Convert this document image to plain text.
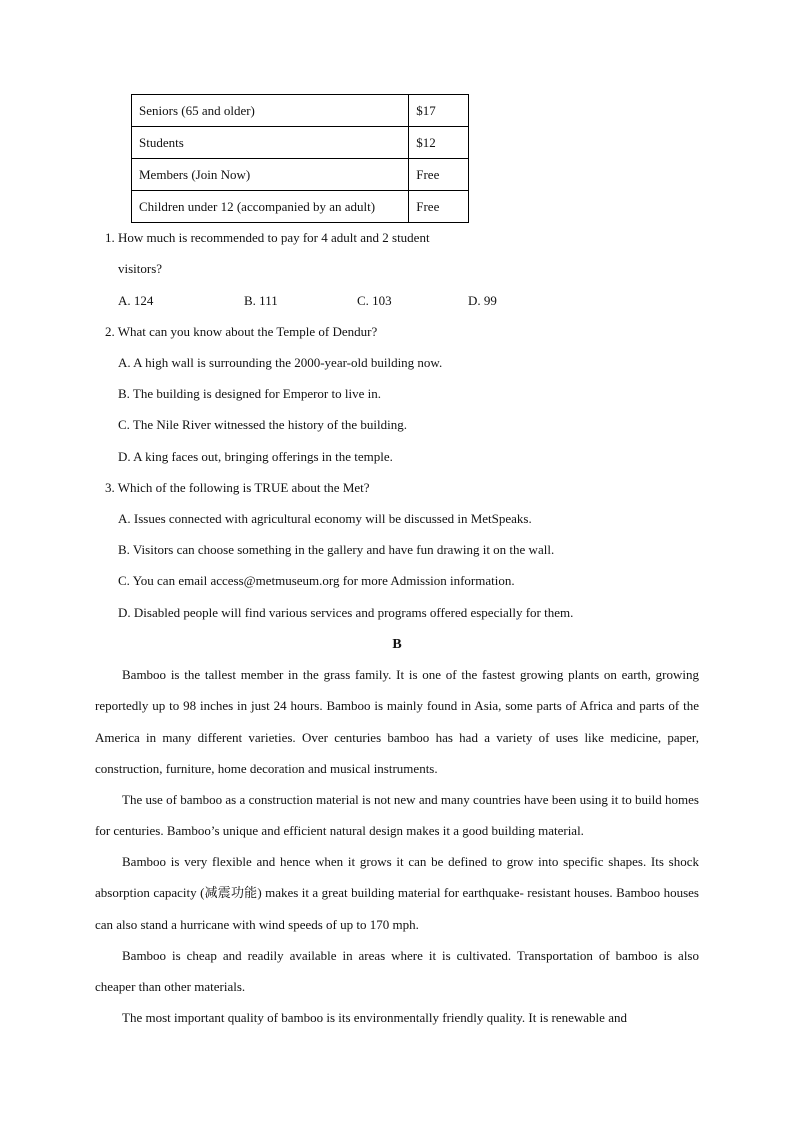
Seniors (65 and older)	$17
Students	$12
Members (Join Now)	Free
Children under 12 (accompanied by an adult)	Free
1. How much is recommended to pay for 4 adult and 2 student
visitors?
A. 124	B. 111	C. 103	D. 99
2. What can you know about the Temple of Dendur?
A. A high wall is surrounding the 2000-year-old building now.
B. The building is designed for Emperor to live in.
C. The Nile River witnessed the history of the building.
D. A king faces out, bringing offerings in the temple.
3. Which of the following is TRUE about the Met?
A. Issues connected with agricultural economy will be discussed in MetSpeaks.
B. Visitors can choose something in the gallery and have fun drawing it on the wall.
C. You can email access@metmuseum.org for more Admission information.
D. Disabled people will find various services and programs offered especially for them.
B

Bamboo is the tallest member in the grass family. It is one of the fastest growing plants on earth, growing reportedly up to 98 inches in just 24 hours. Bamboo is mainly found in Asia, some parts of Africa and parts of the America in many different varieties. Over centuries bamboo has had a variety of uses like medicine, paper, construction, furniture, home decoration and musical instruments.

The use of bamboo as a construction material is not new and many countries have been using it to build homes for centuries. Bamboo’s unique and efficient natural design makes it a good building material.

Bamboo is very flexible and hence when it grows it can be defined to grow into specific shapes. Its shock absorption capacity (减震功能) makes it a great building material for earthquake- resistant houses. Bamboo houses can also stand a hurricane with wind speeds of up to 170 mph.

Bamboo is cheap and readily available in areas where it is cultivated. Transportation of bamboo is also cheaper than other materials.

The most important quality of bamboo is its environmentally friendly quality. It is renewable and
